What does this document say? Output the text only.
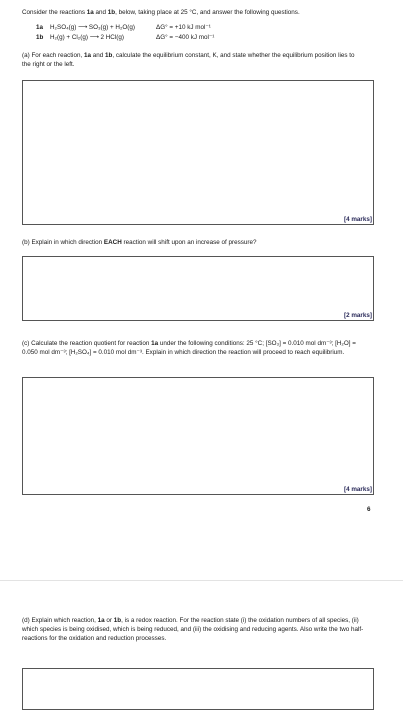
Consider the reactions 1a and 1b, below, taking place at 25 °C, and answer the following questions.
1a H₂SO₄(g) ⟶ SO₃(g) + H₂O(g)	ΔG° = +10 kJ mol⁻¹
1b H₂(g) + Cl₂(g) ⟶ 2 HCl(g)	ΔG° = −400 kJ mol⁻¹
(a) For each reaction, 1a and 1b, calculate the equilibrium constant, K, and state whether the equilibrium position lies to the right or the left.
[4 marks]
(b) Explain in which direction EACH reaction will shift upon an increase of pressure?
[2 marks]
(c) Calculate the reaction quotient for reaction 1a under the following conditions: 25 °C; [SO₃] = 0.010 mol dm⁻³; [H₂O] = 0.050 mol dm⁻³; [H₂SO₄] = 0.010 mol dm⁻³. Explain in which direction the reaction will proceed to reach equilibrium.
[4 marks]
6
(d) Explain which reaction, 1a or 1b, is a redox reaction. For the reaction state (i) the oxidation numbers of all species, (ii) which species is being oxidised, which is being reduced, and (iii) the oxidising and reducing agents. Also write the two half-reactions for the oxidation and reduction processes.
